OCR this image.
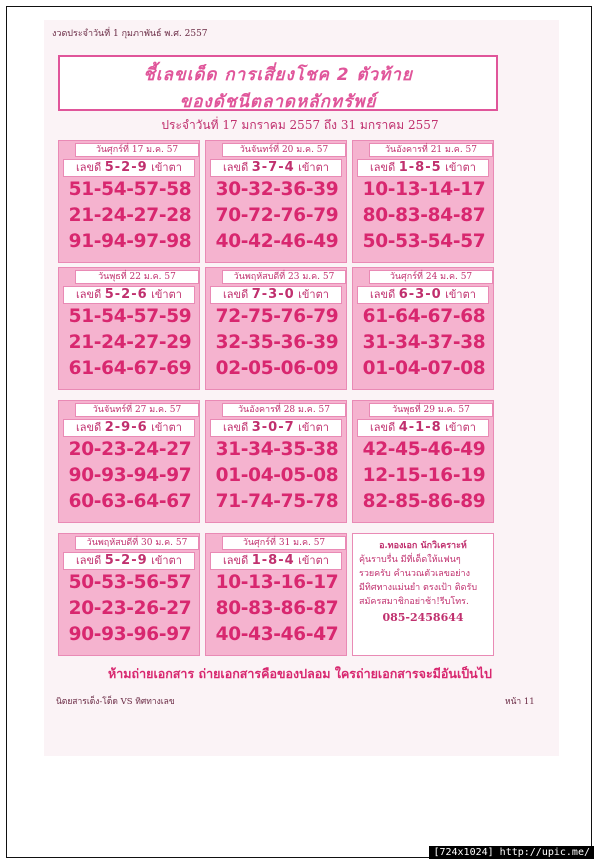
งวดประจำวันที่ 1 กุมภาพันธ์ พ.ศ. 2557
ชี้เลขเด็ด การเสี่ยงโชค 2 ตัวท้าย
ของดัชนีตลาดหลักทรัพย์
ประจำวันที่ 17 มกราคม 2557 ถึง 31 มกราคม 2557
วันศุกร์ที่ 17 ม.ค. 57
เลขดี 5-2-9 เข้าตา
51-54-57-58
21-24-27-28
91-94-97-98
วันจันทร์ที่ 20 ม.ค. 57
เลขดี 3-7-4 เข้าตา
30-32-36-39
70-72-76-79
40-42-46-49
วันอังคารที่ 21 ม.ค. 57
เลขดี 1-8-5 เข้าตา
10-13-14-17
80-83-84-87
50-53-54-57
วันพุธที่ 22 ม.ค. 57
เลขดี 5-2-6 เข้าตา
51-54-57-59
21-24-27-29
61-64-67-69
วันพฤหัสบดีที่ 23 ม.ค. 57
เลขดี 7-3-0 เข้าตา
72-75-76-79
32-35-36-39
02-05-06-09
วันศุกร์ที่ 24 ม.ค. 57
เลขดี 6-3-0 เข้าตา
61-64-67-68
31-34-37-38
01-04-07-08
วันจันทร์ที่ 27 ม.ค. 57
เลขดี 2-9-6 เข้าตา
20-23-24-27
90-93-94-97
60-63-64-67
วันอังคารที่ 28 ม.ค. 57
เลขดี 3-0-7 เข้าตา
31-34-35-38
01-04-05-08
71-74-75-78
วันพุธที่ 29 ม.ค. 57
เลขดี 4-1-8 เข้าตา
42-45-46-49
12-15-16-19
82-85-86-89
วันพฤหัสบดีที่ 30 ม.ค. 57
เลขดี 5-2-9 เข้าตา
50-53-56-57
20-23-26-27
90-93-96-97
วันศุกร์ที่ 31 ม.ค. 57
เลขดี 1-8-4 เข้าตา
10-13-16-17
80-83-86-87
40-43-46-47
อ.ทองเอก นักวิเคราะห์
คุ้นราบรื่น มีที่เด็ดให้แฟนๆ
รวยครับ คำนวณตัวเลขอย่าง
มีทิศทางแม่นยำ ตรงเป้า ติดรับ
สมัครสมาชิกอย่าช้า!รีบโทร.
085-2458644
ห้ามถ่ายเอกสาร ถ่ายเอกสารคือของปลอม ใครถ่ายเอกสารจะมีอันเป็นไป
นิตยสารเด็ง-โด็ด VS ทิศทางเลข	หน้า 11
[724x1024] http://upic.me/
